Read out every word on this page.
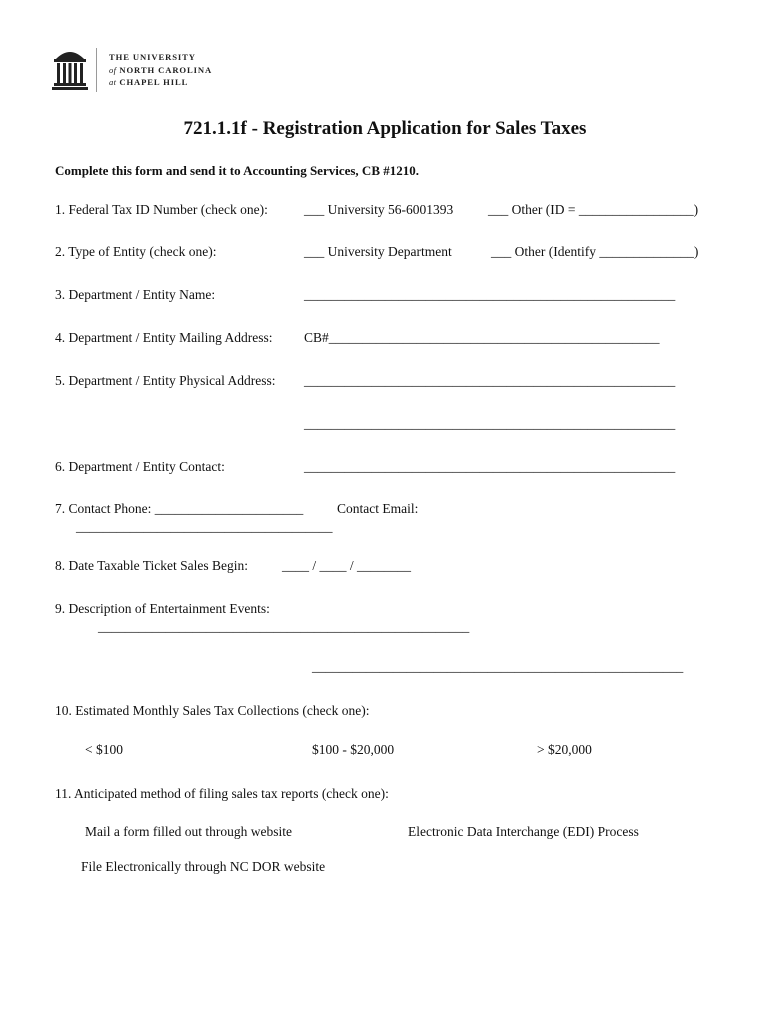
THE UNIVERSITY
of NORTH CAROLINA
at CHAPEL HILL
721.1.1f - Registration Application for Sales Taxes
Complete this form and send it to Accounting Services, CB #1210.
1. Federal Tax ID Number (check one):	___ University 56-6001393	___ Other (ID = _________________)
2. Type of Entity (check one):	___ University Department	___ Other (Identify ______________)
3. Department / Entity Name:	_______________________________________________________
4. Department / Entity Mailing Address: CB#_________________________________________________
5. Department / Entity Physical Address: _______________________________________________________
_______________________________________________________
6. Department / Entity Contact:	_______________________________________________________
7. Contact Phone: ______________________	Contact Email:
______________________________________
8. Date Taxable Ticket Sales Begin:	____ / ____ / ________
9. Description of Entertainment Events:
_______________________________________________________
_______________________________________________________
10. Estimated Monthly Sales Tax Collections (check one):
< $100	$100 - $20,000	> $20,000
11. Anticipated method of filing sales tax reports (check one):
Mail a form filled out through website	Electronic Data Interchange (EDI) Process
File Electronically through NC DOR website
